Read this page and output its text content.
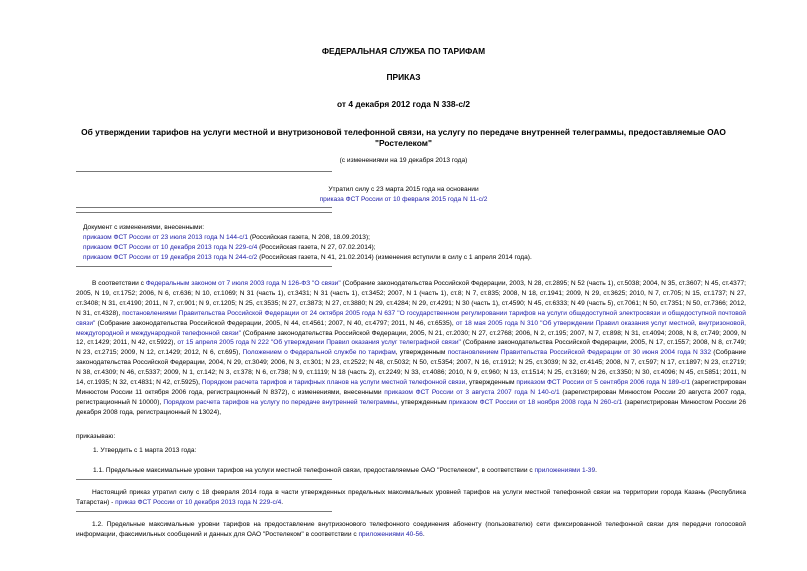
ФЕДЕРАЛЬНАЯ СЛУЖБА ПО ТАРИФАМ
ПРИКАЗ
от 4 декабря 2012 года N 338-с/2
Об утверждении тарифов на услуги местной и внутризоновой телефонной связи, на услугу по передаче внутренней телеграммы, предоставляемые ОАО "Ростелеком"
(с изменениями на 19 декабря 2013 года)
Утратил силу с 23 марта 2015 года на основании
приказа ФСТ России от 10 февраля 2015 года N 11-с/2
Документ с изменениями, внесенными:
приказом ФСТ России от 23 июля 2013 года N 144-с/1 (Российская газета, N 208, 18.09.2013);
приказом ФСТ России от 10 декабря 2013 года N 229-с/4 (Российская газета, N 27, 07.02.2014);
приказом ФСТ России от 19 декабря 2013 года N 244-с/2 (Российская газета, N 41, 21.02.2014) (изменения вступили в силу с 1 апреля 2014 года).
В соответствии с Федеральным законом от 7 июля 2003 года N 126-ФЗ "О связи" (Собрание законодательства Российской Федерации, 2003, N 28, ст.2895; N 52 (часть 1), ст.5038; 2004, N 35, ст.3607; N 45, ст.4377; 2005, N 19, ст.1752; 2006, N 6, ст.636; N 10, ст.1069; N 31 (часть 1), ст.3431; N 31 (часть 1), ст.3452; 2007, N 1 (часть 1), ст.8; N 7, ст.835; 2008, N 18, ст.1941; 2009, N 29, ст.3625; 2010, N 7, ст.705; N 15, ст.1737; N 27, ст.3408; N 31, ст.4190; 2011, N 7, ст.901; N 9, ст.1205; N 25, ст.3535; N 27, ст.3873; N 27, ст.3880; N 29, ст.4284; N 29, ст.4291; N 30 (часть 1), ст.4590; N 45, ст.6333; N 49 (часть 5), ст.7061; N 50, ст.7351; N 50, ст.7366; 2012, N 31, ст.4328), постановлениями Правительства Российской Федерации от 24 октября 2005 года N 637 "О государственном регулировании тарифов на услуги общедоступной электросвязи и общедоступной почтовой связи" (Собрание законодательства Российской Федерации, 2005, N 44, ст.4561; 2007, N 40, ст.4797; 2011, N 46, ст.6535), от 18 мая 2005 года N 310 "Об утверждении Правил оказания услуг местной, внутризоновой, междугородной и международной телефонной связи" (Собрание законодательства Российской Федерации, 2005, N 21, ст.2030; N 27, ст.2768; 2006, N 2, ст.195; 2007, N 7, ст.898; N 31, ст.4094; 2008, N 8, ст.749; 2009, N 12, ст.1429; 2011, N 42, ст.5922), от 15 апреля 2005 года N 222 "Об утверждении Правил оказания услуг телеграфной связи" (Собрание законодательства Российской Федерации, 2005, N 17, ст.1557; 2008, N 8, ст.749; N 23, ст.2715; 2009, N 12, ст.1429; 2012, N 6, ст.695), Положением о Федеральной службе по тарифам, утвержденным постановлением Правительства Российской Федерации от 30 июня 2004 года N 332 (Собрание законодательства Российской Федерации, 2004, N 29, ст.3049; 2006, N 3, ст.301; N 23, ст.2522; N 48, ст.5032; N 50, ст.5354; 2007, N 16, ст.1912; N 25, ст.3039; N 32, ст.4145; 2008, N 7, ст.597; N 17, ст.1897; N 23, ст.2719; N 38, ст.4309; N 46, ст.5337; 2009, N 1, ст.142; N 3, ст.378; N 6, ст.738; N 9, ст.1119; N 18 (часть 2), ст.2249; N 33, ст.4086; 2010, N 9, ст.960; N 13, ст.1514; N 25, ст.3169; N 26, ст.3350; N 30, ст.4096; N 45, ст.5851; 2011, N 14, ст.1935; N 32, ст.4831; N 42, ст.5925), Порядком расчета тарифов и тарифных планов на услуги местной телефонной связи, утвержденным приказом ФСТ России от 5 сентября 2006 года N 189-с/1 (зарегистрирован Минюстом России 11 октября 2006 года, регистрационный N 8372), с изменениями, внесенными приказом ФСТ России от 3 августа 2007 года N 140-с/1 (зарегистрирован Минюстом России 20 августа 2007 года, регистрационный N 10000), Порядком расчета тарифов на услугу по передаче внутренней телеграммы, утвержденным приказом ФСТ России от 18 ноября 2008 года N 260-с/1 (зарегистрирован Минюстом России 26 декабря 2008 года, регистрационный N 13024),
приказываю:
1. Утвердить с 1 марта 2013 года:
1.1. Предельные максимальные уровни тарифов на услуги местной телефонной связи, предоставляемые ОАО "Ростелеком", в соответствии с приложениями 1-39.
Настоящий приказ утратил силу с 18 февраля 2014 года в части утвержденных предельных максимальных уровней тарифов на услуги местной телефонной связи на территории города Казань (Республика Татарстан) - приказ ФСТ России от 10 декабря 2013 года N 229-с/4.
1.2. Предельные максимальные уровни тарифов на предоставление внутризонового телефонного соединения абоненту (пользователю) сети фиксированной телефонной связи для передачи голосовой информации, факсимильных сообщений и данных для ОАО "Ростелеком" в соответствии с приложениями 40-56.
